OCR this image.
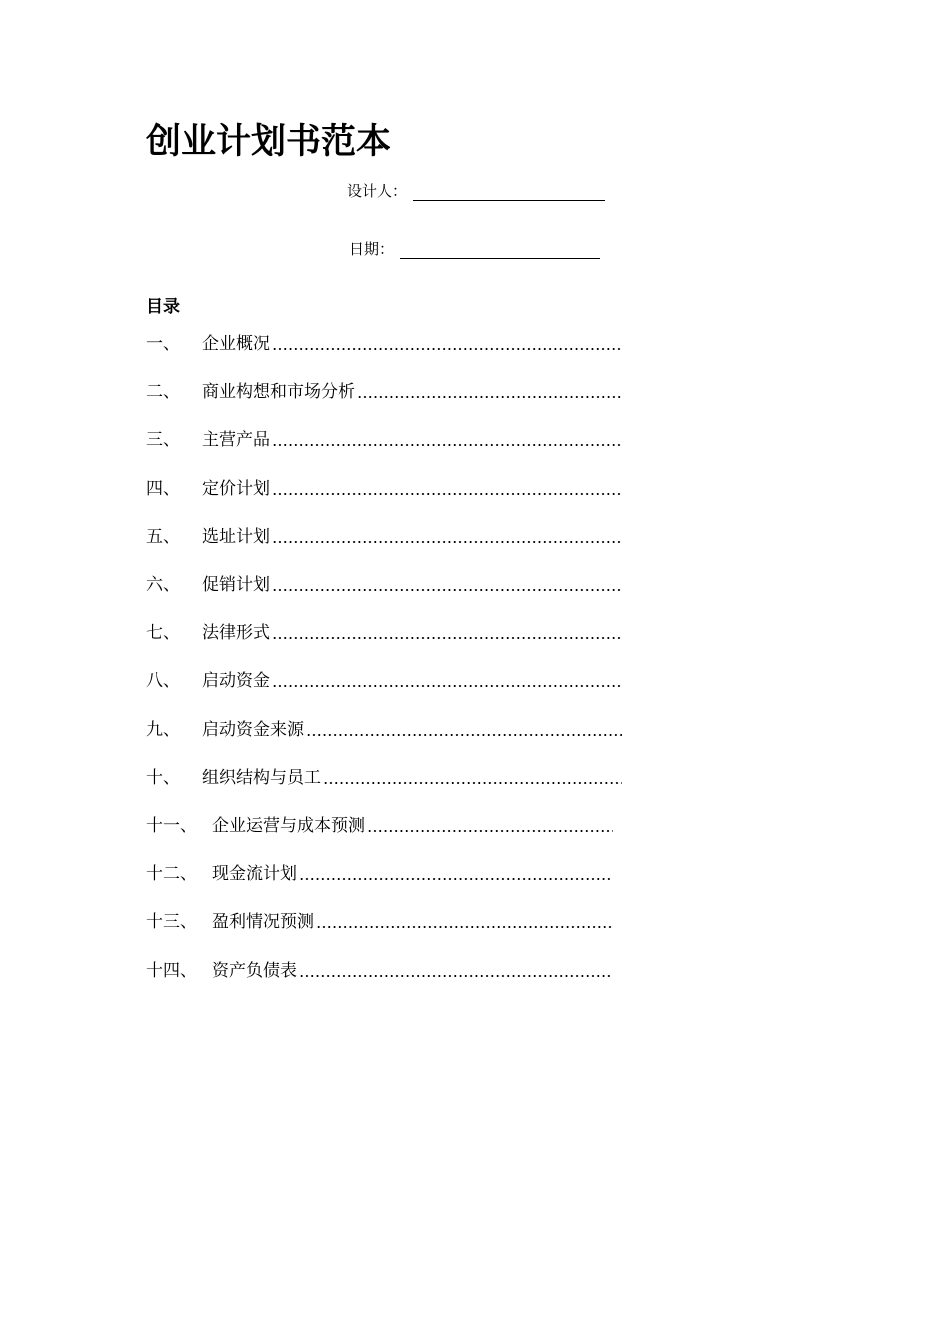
创业计划书范本
设计人：
日期：
目录
一、	企业概况
二、	商业构想和市场分析
三、	主营产品
四、	定价计划
五、	选址计划
六、	促销计划
七、	法律形式
八、	启动资金
九、	启动资金来源
十、	组织结构与员工
十一、 企业运营与成本预测
十二、 现金流计划
十三、 盈利情况预测
十四、 资产负债表
